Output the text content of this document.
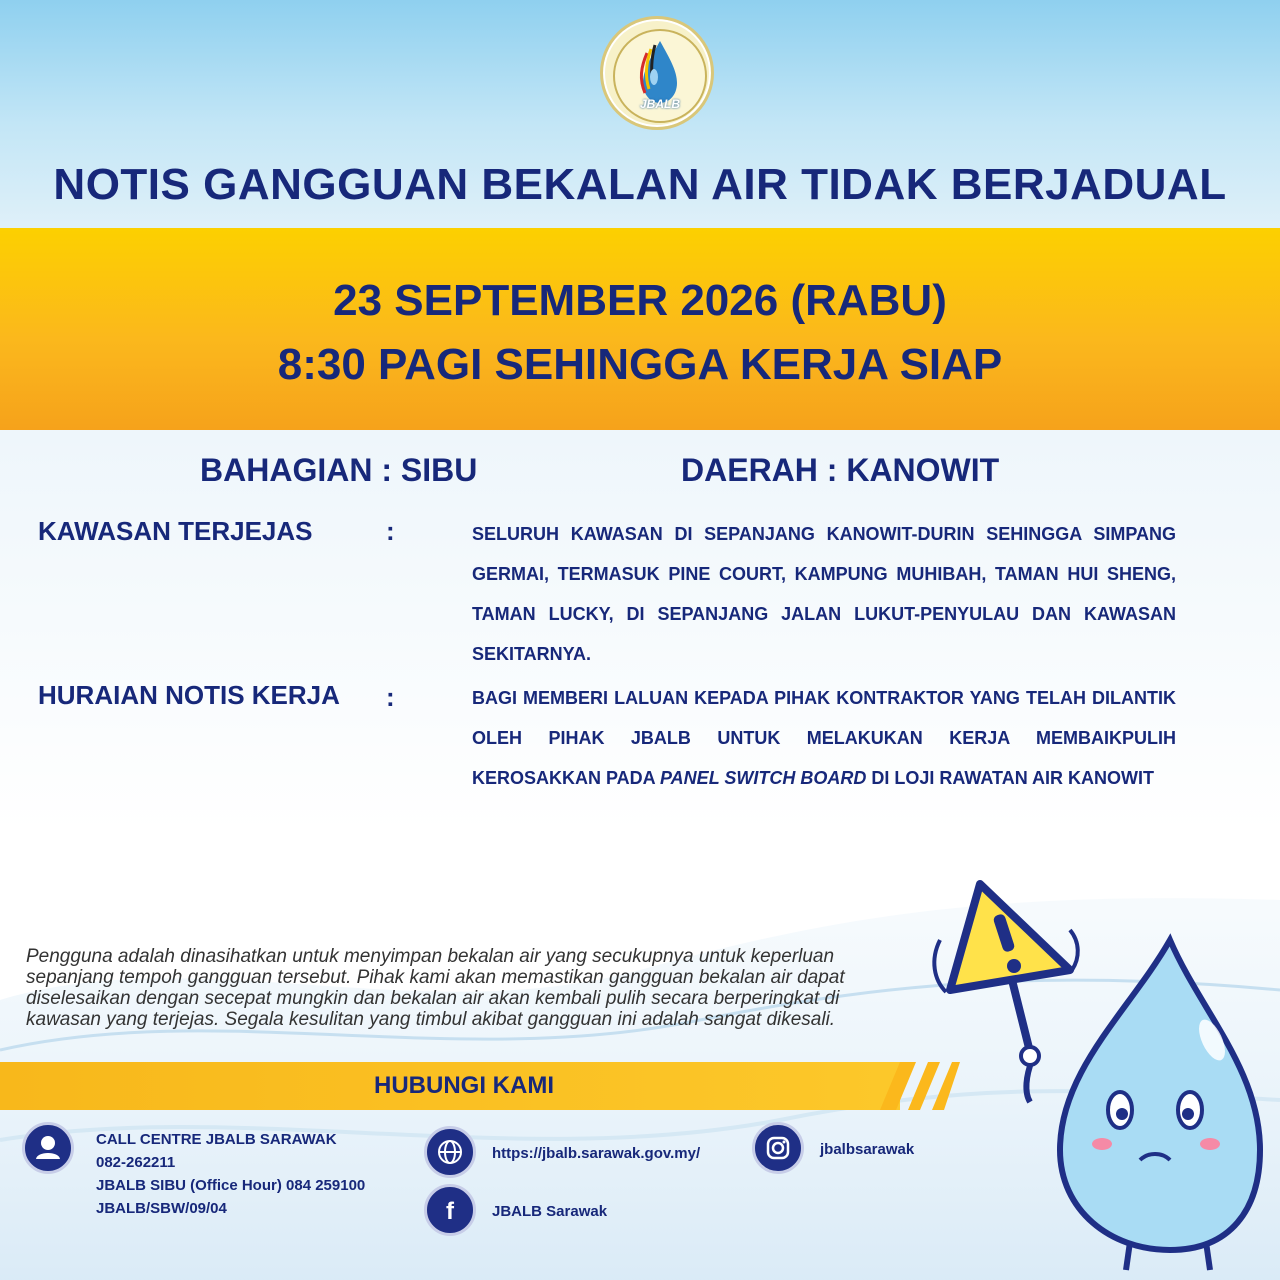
JBALB
NOTIS GANGGUAN BEKALAN AIR TIDAK BERJADUAL
23 SEPTEMBER 2026 (RABU)
8:30 PAGI SEHINGGA KERJA SIAP
BAHAGIAN : SIBU	DAERAH : KANOWIT
KAWASAN TERJEJAS	:	SELURUH KAWASAN DI SEPANJANG KANOWIT-DURIN SEHINGGA SIMPANG GERMAI, TERMASUK PINE COURT, KAMPUNG MUHIBAH, TAMAN HUI SHENG, TAMAN LUCKY, DI SEPANJANG JALAN LUKUT-PENYULAU DAN KAWASAN SEKITARNYA.
HURAIAN NOTIS KERJA :	BAGI MEMBERI LALUAN KEPADA PIHAK KONTRAKTOR YANG TELAH DILANTIK OLEH PIHAK JBALB UNTUK MELAKUKAN KERJA MEMBAIKPULIH KEROSAKKAN PADA PANEL SWITCH BOARD DI LOJI RAWATAN AIR KANOWIT
Pengguna adalah dinasihatkan untuk menyimpan bekalan air yang secukupnya untuk keperluan sepanjang tempoh gangguan tersebut. Pihak kami akan memastikan gangguan bekalan air dapat diselesaikan dengan secepat mungkin dan bekalan air akan kembali pulih secara berperingkat di kawasan yang terjejas. Segala kesulitan yang timbul akibat gangguan ini adalah sangat dikesali.
HUBUNGI KAMI
CALL CENTRE JBALB SARAWAK
082-262211
JBALB SIBU (Office Hour) 084 259100
JBALB/SBW/09/04
https://jbalb.sarawak.gov.my/
f	JBALB Sarawak
jbalbsarawak
